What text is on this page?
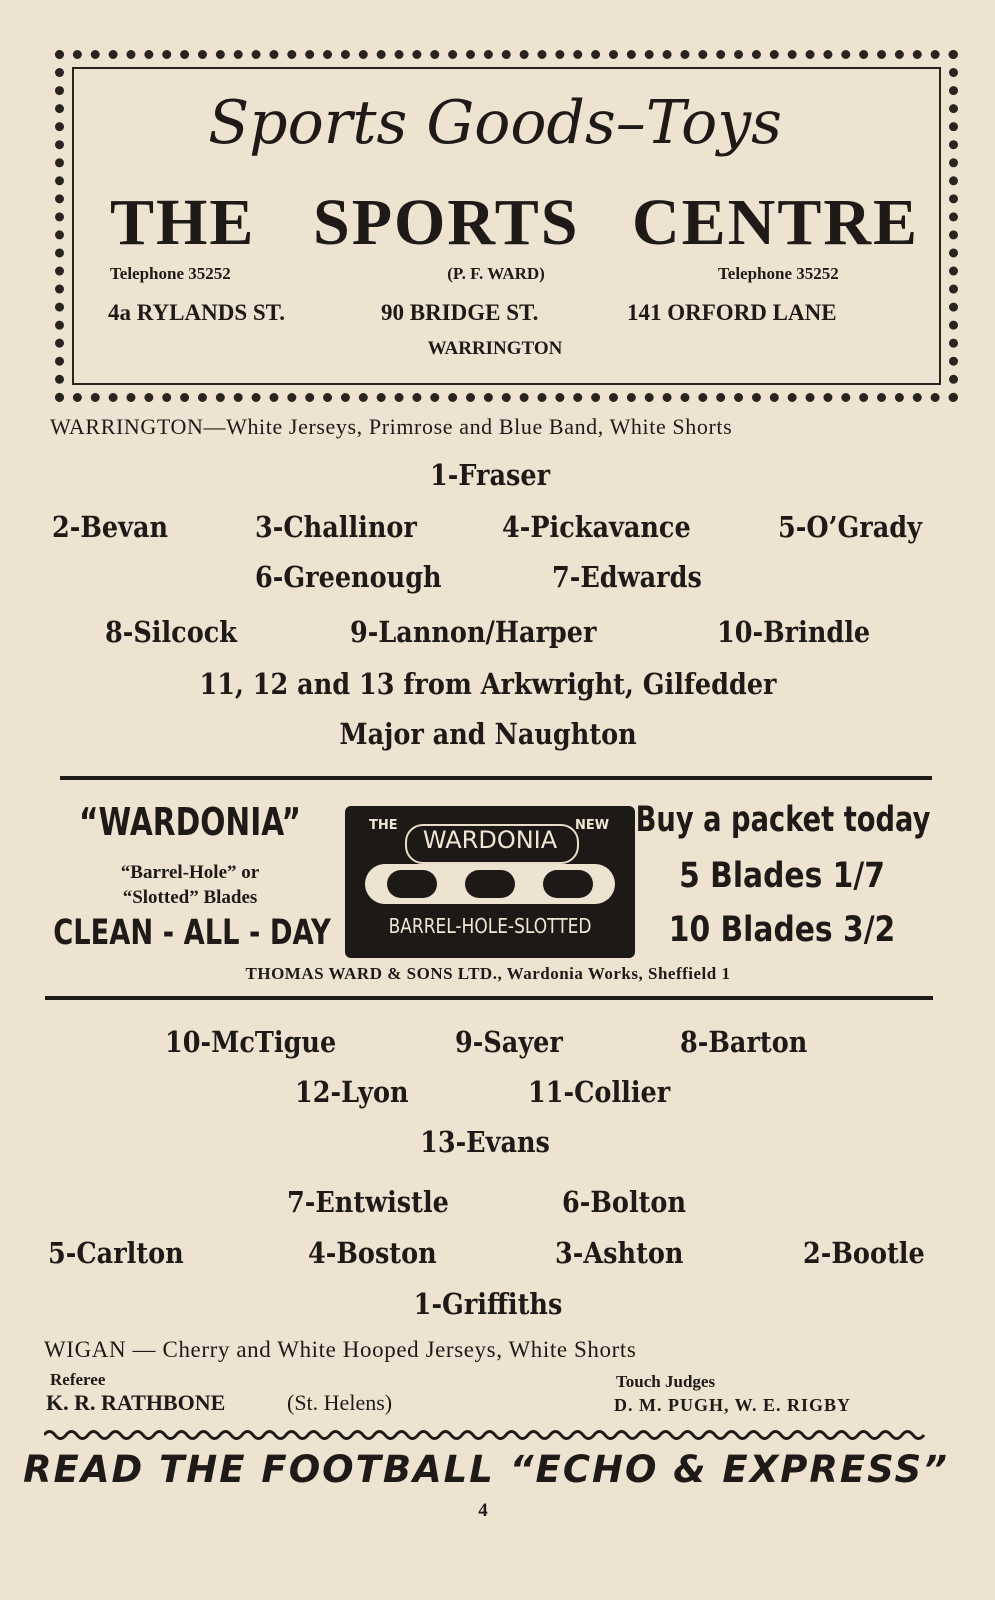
Sports Goods–Toys
THE SPORTS CENTRE
Telephone 35252	(P. F. WARD)	Telephone 35252
4a RYLANDS ST.	90 BRIDGE ST.	141 ORFORD LANE
WARRINGTON
WARRINGTON—White Jerseys, Primrose and Blue Band, White Shorts
1-Fraser
2-Bevan	3-Challinor	4-Pickavance	5-O’Grady
6-Greenough	7-Edwards
8-Silcock	9-Lannon/Harper	10-Brindle
11, 12 and 13 from Arkwright, Gilfedder
Major and Naughton
“WARDONIA”
“Barrel-Hole” or
“Slotted” Blades
CLEAN - ALL - DAY
THE	NEW
WARDONIA
BARREL-HOLE-SLOTTED
Buy a packet today
5 Blades 1/7
10 Blades 3/2
THOMAS WARD & SONS LTD., Wardonia Works, Sheffield 1
10-McTigue	9-Sayer	8-Barton
12-Lyon	11-Collier
13-Evans
7-Entwistle	6-Bolton
5-Carlton	4-Boston	3-Ashton	2-Bootle
1-Griffiths
WIGAN — Cherry and White Hooped Jerseys, White Shorts
Referee
K. R. RATHBONE	(St. Helens)
Touch Judges
D. M. PUGH, W. E. RIGBY
READ THE FOOTBALL “ECHO & EXPRESS”
4
